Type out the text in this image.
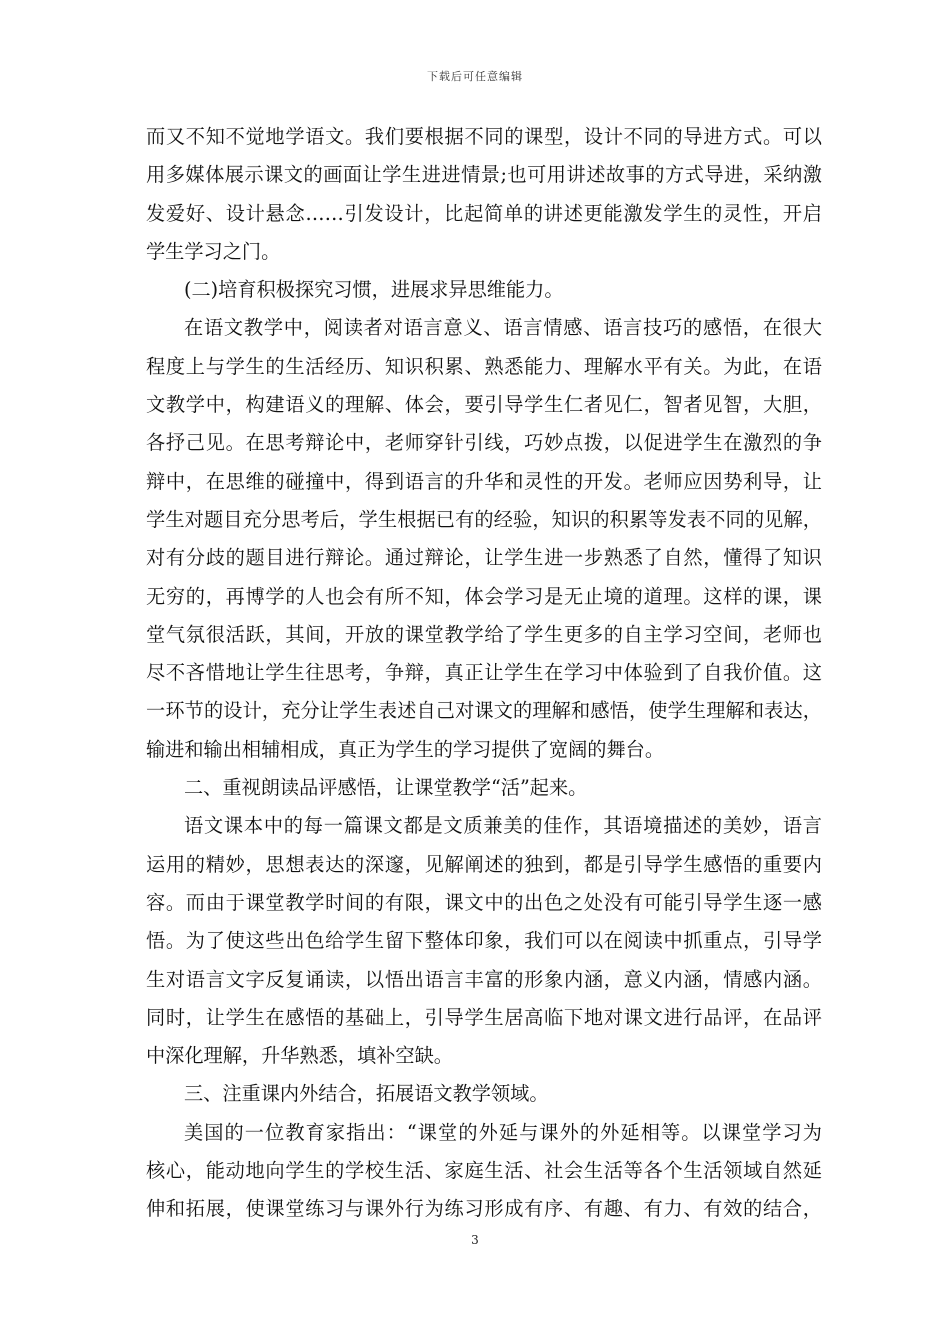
下载后可任意编辑
而又不知不觉地学语文。我们要根据不同的课型，设计不同的导进方式。可以
用多媒体展示课文的画面让学生进进情景;也可用讲述故事的方式导进，采纳激
发爱好、设计悬念……引发设计，比起简单的讲述更能激发学生的灵性，开启
学生学习之门。
(二)培育积极探究习惯，进展求异思维能力。
在语文教学中，阅读者对语言意义、语言情感、语言技巧的感悟，在很大
程度上与学生的生活经历、知识积累、熟悉能力、理解水平有关。为此，在语
文教学中，构建语义的理解、体会，要引导学生仁者见仁，智者见智，大胆，
各抒己见。在思考辩论中，老师穿针引线，巧妙点拨，以促进学生在激烈的争
辩中，在思维的碰撞中，得到语言的升华和灵性的开发。老师应因势利导，让
学生对题目充分思考后，学生根据已有的经验，知识的积累等发表不同的见解，
对有分歧的题目进行辩论。通过辩论，让学生进一步熟悉了自然，懂得了知识
无穷的，再博学的人也会有所不知，体会学习是无止境的道理。这样的课，课
堂气氛很活跃，其间，开放的课堂教学给了学生更多的自主学习空间，老师也
尽不吝惜地让学生往思考，争辩，真正让学生在学习中体验到了自我价值。这
一环节的设计，充分让学生表述自己对课文的理解和感悟，使学生理解和表达，
输进和输出相辅相成，真正为学生的学习提供了宽阔的舞台。
二、重视朗读品评感悟，让课堂教学“活”起来。
语文课本中的每一篇课文都是文质兼美的佳作，其语境描述的美妙，语言
运用的精妙，思想表达的深邃，见解阐述的独到，都是引导学生感悟的重要内
容。而由于课堂教学时间的有限，课文中的出色之处没有可能引导学生逐一感
悟。为了使这些出色给学生留下整体印象，我们可以在阅读中抓重点，引导学
生对语言文字反复诵读，以悟出语言丰富的形象内涵，意义内涵，情感内涵。
同时，让学生在感悟的基础上，引导学生居高临下地对课文进行品评，在品评
中深化理解，升华熟悉，填补空缺。
三、注重课内外结合，拓展语文教学领域。
美国的一位教育家指出：“课堂的外延与课外的外延相等。以课堂学习为
核心，能动地向学生的学校生活、家庭生活、社会生活等各个生活领域自然延
伸和拓展，使课堂练习与课外行为练习形成有序、有趣、有力、有效的结合，
3
